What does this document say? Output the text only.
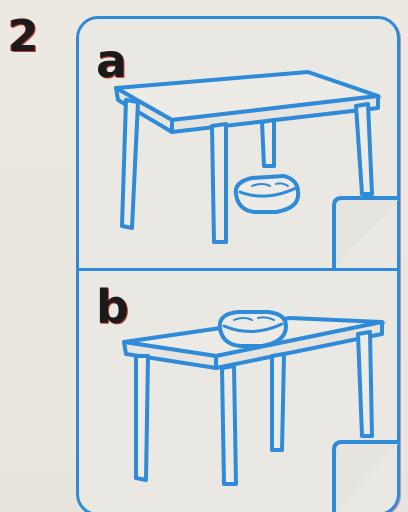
2 a
b
